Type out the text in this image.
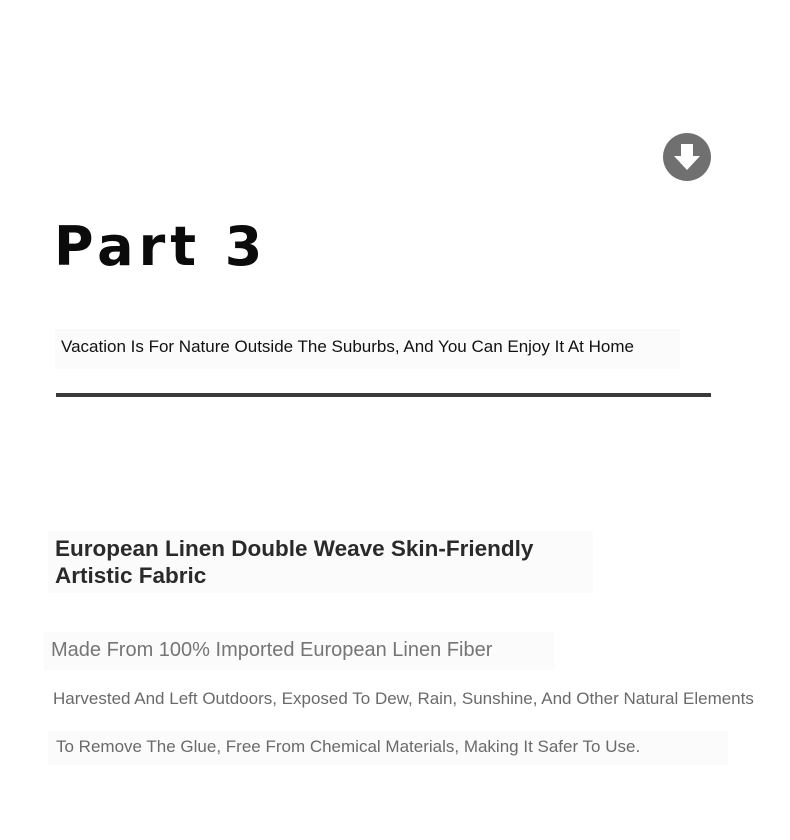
Part 3
Vacation Is For Nature Outside The Suburbs, And You Can Enjoy It At Home
European Linen Double Weave Skin-Friendly Artistic Fabric
Made From 100% Imported European Linen Fiber
Harvested And Left Outdoors, Exposed To Dew, Rain, Sunshine, And Other Natural Elements
To Remove The Glue, Free From Chemical Materials, Making It Safer To Use.
